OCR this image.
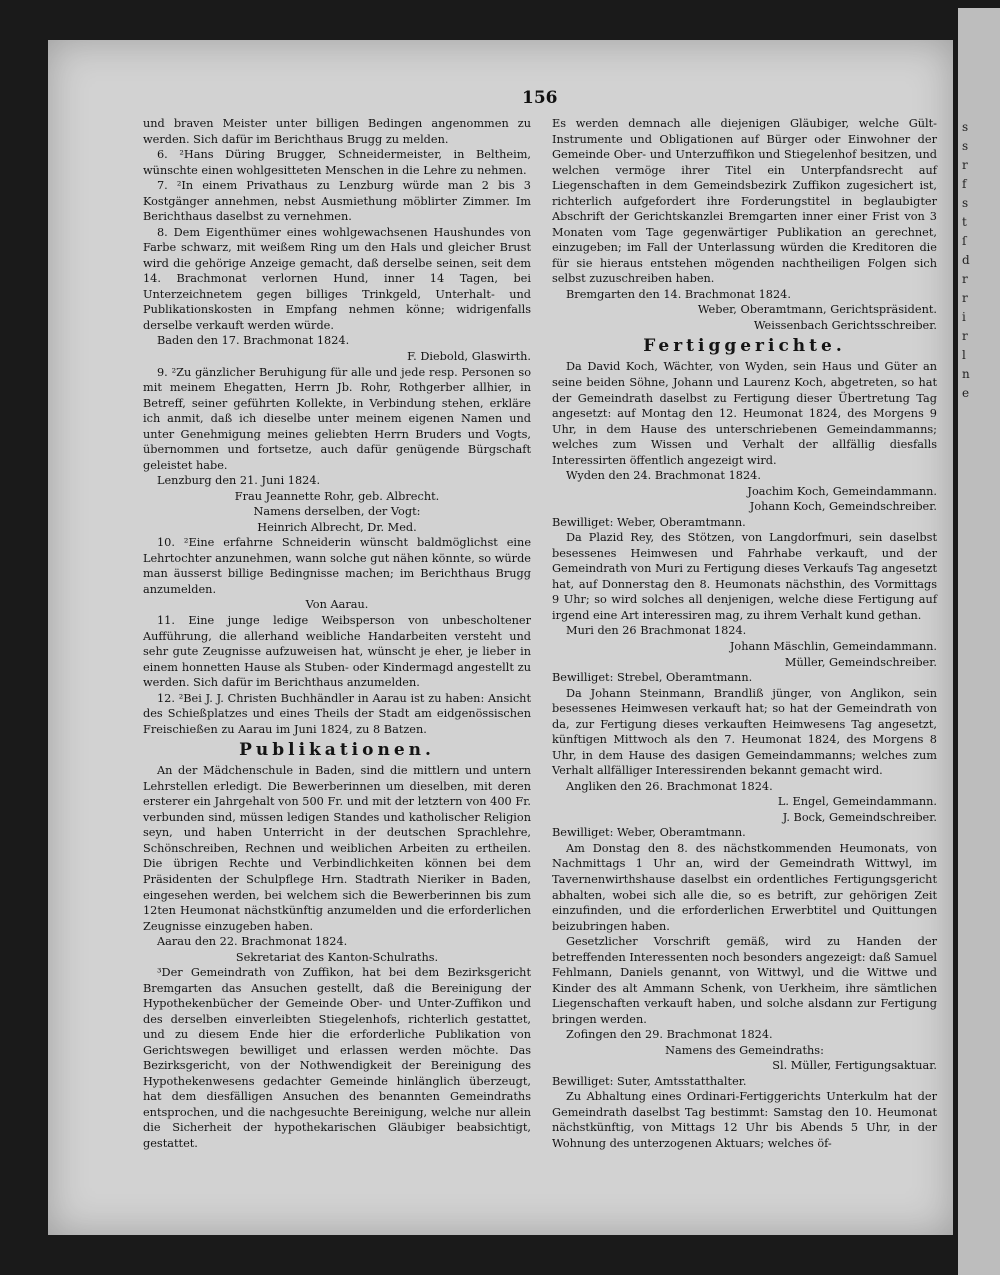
s
s
r
f
s
t
ſ
d
r
r
i
r
l
n
e
156

und braven Meister unter billigen Bedingen angenommen zu werden. Sich dafür im Berichthaus Brugg zu melden.

6. ²Hans Düring Brugger, Schneidermeister, in Beltheim, wünschte einen wohlgesitteten Menschen in die Lehre zu nehmen.

7. ²In einem Privathaus zu Lenzburg würde man 2 bis 3 Kostgänger annehmen, nebst Ausmiethung möblirter Zimmer. Im Berichthaus daselbst zu vernehmen.

8. Dem Eigenthümer eines wohlgewachsenen Haushundes von Farbe schwarz, mit weißem Ring um den Hals und gleicher Brust wird die gehörige Anzeige gemacht, daß derselbe seinen, seit dem 14. Brachmonat verlornen Hund, inner 14 Tagen, bei Unterzeichnetem gegen billiges Trinkgeld, Unterhalt- und Publikationskosten in Empfang nehmen könne; widrigenfalls derselbe verkauft werden würde.

Baden den 17. Brachmonat 1824.

F. Diebold, Glaswirth.

9. ²Zu gänzlicher Beruhigung für alle und jede resp. Personen so mit meinem Ehegatten, Herrn Jb. Rohr, Rothgerber allhier, in Betreff, seiner geführten Kollekte, in Verbindung stehen, erkläre ich anmit, daß ich dieselbe unter meinem eigenen Namen und unter Genehmigung meines geliebten Herrn Bruders und Vogts, übernommen und fortsetze, auch dafür genügende Bürgschaft geleistet habe.

Lenzburg den 21. Juni 1824.

Frau Jeannette Rohr, geb. Albrecht.

Namens derselben, der Vogt:

Heinrich Albrecht, Dr. Med.

10. ²Eine erfahrne Schneiderin wünscht baldmöglichst eine Lehrtochter anzunehmen, wann solche gut nähen könnte, so würde man äusserst billige Bedingnisse machen; im Berichthaus Brugg anzumelden.

Von Aarau.

11. Eine junge ledige Weibsperson von unbescholtener Aufführung, die allerhand weibliche Handarbeiten versteht und sehr gute Zeugnisse aufzuweisen hat, wünscht je eher, je lieber in einem honnetten Hause als Stuben- oder Kindermagd angestellt zu werden. Sich dafür im Berichthaus anzumelden.

12. ²Bei J. J. Christen Buchhändler in Aarau ist zu haben: Ansicht des Schießplatzes und eines Theils der Stadt am eidgenössischen Freischießen zu Aarau im Juni 1824, zu 8 Batzen.

Publikationen.

An der Mädchenschule in Baden, sind die mittlern und untern Lehrstellen erledigt. Die Bewerberinnen um dieselben, mit deren ersterer ein Jahrgehalt von 500 Fr. und mit der letztern von 400 Fr. verbunden sind, müssen ledigen Standes und katholischer Religion seyn, und haben Unterricht in der deutschen Sprachlehre, Schönschreiben, Rechnen und weiblichen Arbeiten zu ertheilen. Die übrigen Rechte und Verbindlichkeiten können bei dem Präsidenten der Schulpflege Hrn. Stadtrath Nieriker in Baden, eingesehen werden, bei welchem sich die Bewerberinnen bis zum 12ten Heumonat nächstkünftig anzumelden und die erforderlichen Zeugnisse einzugeben haben.

Aarau den 22. Brachmonat 1824.

Sekretariat des Kanton-Schulraths.

³Der Gemeindrath von Zuffikon, hat bei dem Bezirksgericht Bremgarten das Ansuchen gestellt, daß die Bereinigung der Hypothekenbücher der Gemeinde Ober- und Unter-Zuffikon und des derselben einverleibten Stiegelenhofs, richterlich gestattet, und zu diesem Ende hier die erforderliche Publikation von Gerichtswegen bewilliget und erlassen werden möchte. Das Bezirksgericht, von der Nothwendigkeit der Bereinigung des Hypothekenwesens gedachter Gemeinde hinlänglich überzeugt, hat dem diesfälligen Ansuchen des benannten Gemeindraths entsprochen, und die nachgesuchte Bereinigung, welche nur allein die Sicherheit der hypothekarischen Gläubiger beabsichtigt, gestattet.

Es werden demnach alle diejenigen Gläubiger, welche Gült-Instrumente und Obligationen auf Bürger oder Einwohner der Gemeinde Ober- und Unterzuffikon und Stiegelenhof besitzen, und welchen vermöge ihrer Titel ein Unterpfandsrecht auf Liegenschaften in dem Gemeindsbezirk Zuffikon zugesichert ist, richterlich aufgefordert ihre Forderungstitel in beglaubigter Abschrift der Gerichtskanzlei Bremgarten inner einer Frist von 3 Monaten vom Tage gegenwärtiger Publikation an gerechnet, einzugeben; im Fall der Unterlassung würden die Kreditoren die für sie hieraus entstehen mögenden nachtheiligen Folgen sich selbst zuzuschreiben haben.

Bremgarten den 14. Brachmonat 1824.

Weber, Oberamtmann, Gerichtspräsident.

Weissenbach Gerichtsschreiber.

Fertiggerichte.

Da David Koch, Wächter, von Wyden, sein Haus und Güter an seine beiden Söhne, Johann und Laurenz Koch, abgetreten, so hat der Gemeindrath daselbst zu Fertigung dieser Übertretung Tag angesetzt: auf Montag den 12. Heumonat 1824, des Morgens 9 Uhr, in dem Hause des unterschriebenen Gemeindammanns; welches zum Wissen und Verhalt der allfällig diesfalls Interessirten öffentlich angezeigt wird.

Wyden den 24. Brachmonat 1824.

Joachim Koch, Gemeindammann.

Johann Koch, Gemeindschreiber.

Bewilliget: Weber, Oberamtmann.

Da Plazid Rey, des Stötzen, von Langdorfmuri, sein daselbst besessenes Heimwesen und Fahrhabe verkauft, und der Gemeindrath von Muri zu Fertigung dieses Verkaufs Tag angesetzt hat, auf Donnerstag den 8. Heumonats nächsthin, des Vormittags 9 Uhr; so wird solches all denjenigen, welche diese Fertigung auf irgend eine Art interessiren mag, zu ihrem Verhalt kund gethan.

Muri den 26 Brachmonat 1824.

Johann Mäschlin, Gemeindammann.

Müller, Gemeindschreiber.

Bewilliget: Strebel, Oberamtmann.

Da Johann Steinmann, Brandliß jünger, von Anglikon, sein besessenes Heimwesen verkauft hat; so hat der Gemeindrath von da, zur Fertigung dieses verkauften Heimwesens Tag angesetzt, künftigen Mittwoch als den 7. Heumonat 1824, des Morgens 8 Uhr, in dem Hause des dasigen Gemeindammanns; welches zum Verhalt allfälliger Interessirenden bekannt gemacht wird.

Angliken den 26. Brachmonat 1824.

L. Engel, Gemeindammann.

J. Bock, Gemeindschreiber.

Bewilliget: Weber, Oberamtmann.

Am Donstag den 8. des nächstkommenden Heumonats, von Nachmittags 1 Uhr an, wird der Gemeindrath Wittwyl, im Tavernenwirthshause daselbst ein ordentliches Fertigungsgericht abhalten, wobei sich alle die, so es betrift, zur gehörigen Zeit einzufinden, und die erforderlichen Erwerbtitel und Quittungen beizubringen haben.

Gesetzlicher Vorschrift gemäß, wird zu Handen der betreffenden Interessenten noch besonders angezeigt: daß Samuel Fehlmann, Daniels genannt, von Wittwyl, und die Wittwe und Kinder des alt Ammann Schenk, von Uerkheim, ihre sämtlichen Liegenschaften verkauft haben, und solche alsdann zur Fertigung bringen werden.

Zofingen den 29. Brachmonat 1824.

Namens des Gemeindraths:

Sl. Müller, Fertigungsaktuar.

Bewilliget: Suter, Amtsstatthalter.

Zu Abhaltung eines Ordinari-Fertiggerichts Unterkulm hat der Gemeindrath daselbst Tag bestimmt: Samstag den 10. Heumonat nächstkünftig, von Mittags 12 Uhr bis Abends 5 Uhr, in der Wohnung des unterzogenen Aktuars; welches öf-
